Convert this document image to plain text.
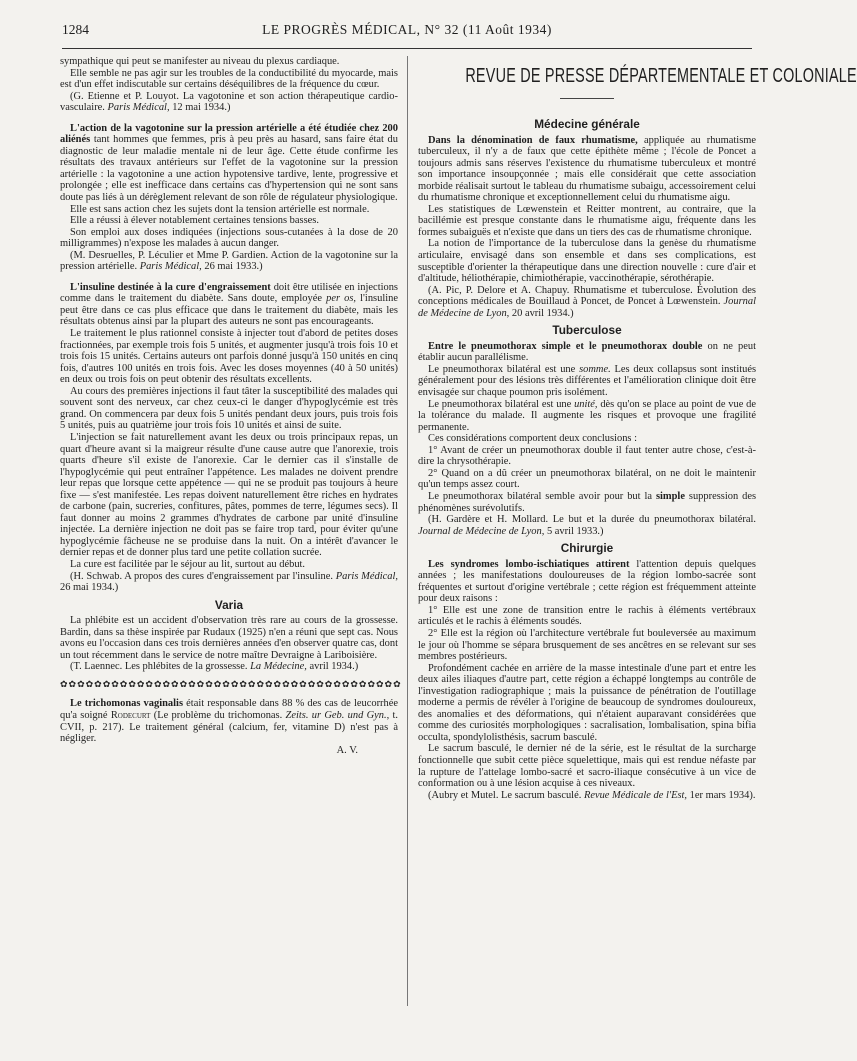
1284	LE PROGRÈS MÉDICAL, N° 32 (11 Août 1934)

sympathique qui peut se manifester au niveau du plexus cardiaque.

Elle semble ne pas agir sur les troubles de la conductibilité du myocarde, mais est d'un effet indiscutable sur certains déséquilibres de la fréquence du cœur.

(G. Etienne et P. Louyot. La vagotonine et son action thérapeutique cardio-vasculaire. Paris Médical, 12 mai 1934.)

L'action de la vagotonine sur la pression artérielle a été étudiée chez 200 aliénés tant hommes que femmes, pris à peu près au hasard, sans faire état du diagnostic de leur maladie mentale ni de leur âge. Cette étude confirme les résultats des travaux antérieurs sur l'effet de la vagotonine sur la pression artérielle : la vagotonine a une action hypotensive tardive, lente, progressive et prolongée ; elle est inefficace dans certains cas d'hypertension qui ne sont sans doute pas liés à un dérèglement relevant de son rôle de régulateur physiologique.

Elle est sans action chez les sujets dont la tension artérielle est normale.

Elle a réussi à élever notablement certaines tensions basses.

Son emploi aux doses indiquées (injections sous-cutanées à la dose de 20 milligrammes) n'expose les malades à aucun danger.

(M. Desruelles, P. Léculier et Mme P. Gardien. Action de la vagotonine sur la pression artérielle. Paris Médical, 26 mai 1933.)

L'insuline destinée à la cure d'engraissement doit être utilisée en injections comme dans le traitement du diabète. Sans doute, employée per os, l'insuline peut être dans ce cas plus efficace que dans le traitement du diabète, mais les résultats obtenus ainsi par la plupart des auteurs ne sont pas encourageants.

Le traitement le plus rationnel consiste à injecter tout d'abord de petites doses fractionnées, par exemple trois fois 5 unités, et augmenter jusqu'à trois fois 10 et trois fois 15 unités. Certains auteurs ont parfois donné jusqu'à 150 unités en cinq fois, d'autres 100 unités en trois fois. Avec les doses moyennes (40 à 50 unités) en deux ou trois fois on peut obtenir des résultats excellents.

Au cours des premières injections il faut tâter la susceptibilité des malades qui souvent sont des nerveux, car chez ceux-ci le danger d'hypoglycémie est très grand. On commencera par deux fois 5 unités pendant deux jours, puis trois fois 5 unités, puis au quatrième jour trois fois 10 unités et ainsi de suite.

L'injection se fait naturellement avant les deux ou trois principaux repas, un quart d'heure avant si la maigreur résulte d'une cause autre que l'anorexie, trois quarts d'heure s'il existe de l'anorexie. Car le dernier cas il s'installe de l'hypoglycémie qui peut entraîner l'appétence. Les malades ne doivent prendre leur repas que lorsque cette appétence — qui ne se produit pas toujours à heure fixe — s'est manifestée. Les repas doivent naturellement être riches en hydrates de carbone (pain, sucreries, confitures, pâtes, pommes de terre, légumes secs). Il faut donner au moins 2 grammes d'hydrates de carbone par unité d'insuline injectée. La dernière injection ne doit pas se faire trop tard, pour éviter qu'une hypoglycémie fâcheuse ne se produise dans la nuit. On a intérêt d'avancer le dernier repas et de donner plus tard une petite collation sucrée.

La cure est facilitée par le séjour au lit, surtout au début.

(H. Schwab. A propos des cures d'engraissement par l'insuline. Paris Médical, 26 mai 1934.)

Varia

La phlébite est un accident d'observation très rare au cours de la grossesse. Bardin, dans sa thèse inspirée par Rudaux (1925) n'en a réuni que sept cas. Nous avons eu l'occasion dans ces trois dernières années d'en observer quatre cas, dont un tout récemment dans le service de notre maître Devraigne à Lariboisière.

(T. Laennec. Les phlébites de la grossesse. La Médecine, avril 1934.)

✿✿✿✿✿✿✿✿✿✿✿✿✿✿✿✿✿✿✿✿✿✿✿✿✿✿✿✿✿✿✿✿✿✿✿✿✿✿✿✿

Le trichomonas vaginalis était responsable dans 88 % des cas de leucorrhée qu'a soigné Rodecurt (Le problème du trichomonas. Zeits. ur Geb. und Gyn., t. CVII, p. 217). Le traitement général (calcium, fer, vitamine D) n'est pas à négliger.

A. V.

REVUE DE PRESSE DÉPARTEMENTALE ET COLONIALE
Médecine générale

Dans la dénomination de faux rhumatisme, appliquée au rhumatisme tuberculeux, il n'y a de faux que cette épithète même ; l'école de Poncet a toujours admis sans réserves l'existence du rhumatisme tuberculeux et montré son importance insoupçonnée ; mais elle considérait que cette association morbide réalisait surtout le tableau du rhumatisme subaigu, accessoirement celui du rhumatisme chronique et exceptionnellement celui du rhumatisme aigu.

Les statistiques de Lœwenstein et Reitter montrent, au contraire, que la bacillémie est presque constante dans le rhumatisme aigu, fréquente dans les formes subaiguës et n'existe que dans un tiers des cas de rhumatisme chronique.

La notion de l'importance de la tuberculose dans la genèse du rhumatisme articulaire, envisagé dans son ensemble et dans ses complications, est susceptible d'orienter la thérapeutique dans une direction nouvelle : cure d'air et d'altitude, héliothérapie, chimiothérapie, vaccinothérapie, sérothérapie.

(A. Pic, P. Delore et A. Chapuy. Rhumatisme et tuberculose. Évolution des conceptions médicales de Bouillaud à Poncet, de Poncet à Lœwenstein. Journal de Médecine de Lyon, 20 avril 1934.)

Tuberculose

Entre le pneumothorax simple et le pneumothorax double on ne peut établir aucun parallélisme.

Le pneumothorax bilatéral est une somme. Les deux collapsus sont institués généralement pour des lésions très différentes et l'amélioration clinique doit être envisagée sur chaque poumon pris isolément.

Le pneumothorax bilatéral est une unité, dès qu'on se place au point de vue de la tolérance du malade. Il augmente les risques et provoque une fragilité permanente.

Ces considérations comportent deux conclusions :

1° Avant de créer un pneumothorax double il faut tenter autre chose, c'est-à-dire la chrysothérapie.

2° Quand on a dû créer un pneumothorax bilatéral, on ne doit le maintenir qu'un temps assez court.

Le pneumothorax bilatéral semble avoir pour but la simple suppression des phénomènes surévolutifs.

(H. Gardère et H. Mollard. Le but et la durée du pneumothorax bilatéral. Journal de Médecine de Lyon, 5 avril 1933.)

Chirurgie

Les syndromes lombo-ischiatiques attirent l'attention depuis quelques années ; les manifestations douloureuses de la région lombo-sacrée sont fréquentes et surtout d'origine vertébrale ; cette région est fréquemment atteinte pour deux raisons :

1° Elle est une zone de transition entre le rachis à éléments vertébraux articulés et le rachis à éléments soudés.

2° Elle est la région où l'architecture vertébrale fut bouleversée au maximum le jour où l'homme se sépara brusquement de ses ancêtres en se relevant sur ses membres postérieurs.

Profondément cachée en arrière de la masse intestinale d'une part et entre les deux ailes iliaques d'autre part, cette région a échappé longtemps au contrôle de l'investigation radiographique ; mais la puissance de pénétration de l'outillage moderne a permis de révéler à l'origine de beaucoup de syndromes douloureux, des anomalies et des déformations, qui n'étaient auparavant considérées que comme des curiosités morphologiques : sacralisation, lombalisation, spina bifia occulta, spondylolisthésis, sacrum basculé.

Le sacrum basculé, le dernier né de la série, est le résultat de la surcharge fonctionnelle que subit cette pièce squelettique, mais qui est rendue néfaste par la rupture de l'attelage lombo-sacré et sacro-iliaque consécutive à un vice de conformation ou à une lésion acquise à ces niveaux.

(Aubry et Mutel. Le sacrum basculé. Revue Médicale de l'Est, 1er mars 1934).
